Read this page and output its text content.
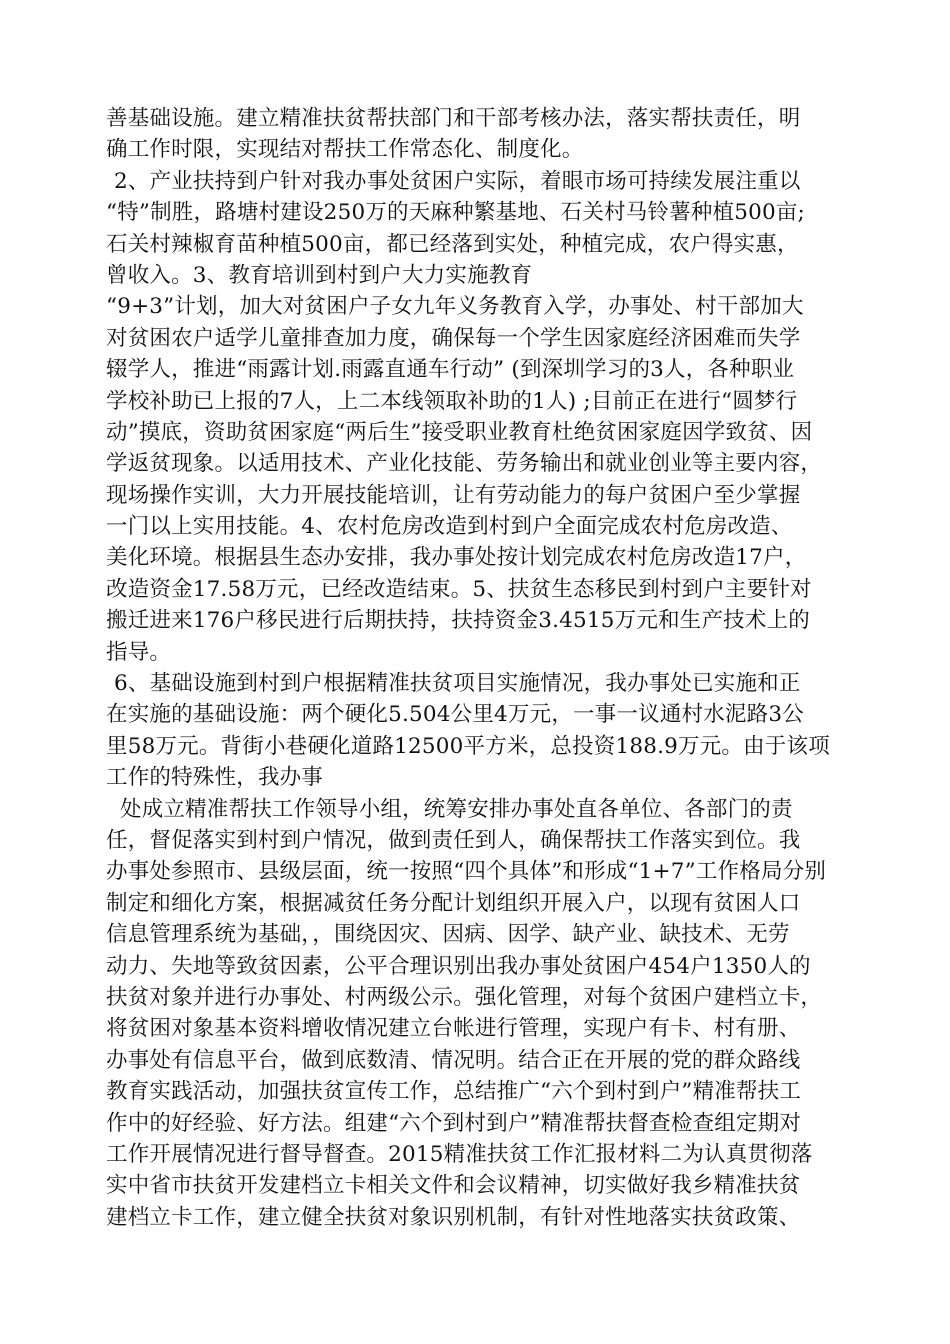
善基础设施。建立精准扶贫帮扶部门和干部考核办法，落实帮扶责任，明
确工作时限，实现结对帮扶工作常态化、制度化。
2、产业扶持到户针对我办事处贫困户实际，着眼市场可持续发展注重以
“特”制胜，路塘村建设250万的天麻种繁基地、石关村马铃薯种植500亩;
石关村辣椒育苗种植500亩，都已经落到实处，种植完成，农户得实惠，
曾收入。3、教育培训到村到户大力实施教育
“9+3”计划，加大对贫困户子女九年义务教育入学，办事处、村干部加大
对贫困农户适学儿童排查加力度，确保每一个学生因家庭经济困难而失学
辍学人，推进“雨露计划.雨露直通车行动” (到深圳学习的3人，各种职业
学校补助已上报的7人，上二本线领取补助的1人) ;目前正在进行“圆梦行
动”摸底，资助贫困家庭“两后生”接受职业教育杜绝贫困家庭因学致贫、因
学返贫现象。以适用技术、产业化技能、劳务输出和就业创业等主要内容，
现场操作实训，大力开展技能培训，让有劳动能力的每户贫困户至少掌握
一门以上实用技能。4、农村危房改造到村到户全面完成农村危房改造、
美化环境。根据县生态办安排，我办事处按计划完成农村危房改造17户，
改造资金17.58万元，已经改造结束。5、扶贫生态移民到村到户主要针对
搬迁进来176户移民进行后期扶持，扶持资金3.4515万元和生产技术上的
指导。
6、基础设施到村到户根据精准扶贫项目实施情况，我办事处已实施和正
在实施的基础设施：两个硬化5.504公里4万元，一事一议通村水泥路3公
里58万元。背街小巷硬化道路12500平方米，总投资188.9万元。由于该项
工作的特殊性，我办事
处成立精准帮扶工作领导小组，统筹安排办事处直各单位、各部门的责
任，督促落实到村到户情况，做到责任到人，确保帮扶工作落实到位。我
办事处参照市、县级层面，统一按照“四个具体”和形成“1+7”工作格局分别
制定和细化方案，根据减贫任务分配计划组织开展入户，以现有贫困人口
信息管理系统为基础，，围绕因灾、因病、因学、缺产业、缺技术、无劳
动力、失地等致贫因素，公平合理识别出我办事处贫困户454户1350人的
扶贫对象并进行办事处、村两级公示。强化管理，对每个贫困户建档立卡，
将贫困对象基本资料增收情况建立台帐进行管理，实现户有卡、村有册、
办事处有信息平台，做到底数清、情况明。结合正在开展的党的群众路线
教育实践活动，加强扶贫宣传工作，总结推广“六个到村到户”精准帮扶工
作中的好经验、好方法。组建“六个到村到户”精准帮扶督查检查组定期对
工作开展情况进行督导督查。2015精准扶贫工作汇报材料二为认真贯彻落
实中省市扶贫开发建档立卡相关文件和会议精神，切实做好我乡精准扶贫
建档立卡工作，建立健全扶贫对象识别机制，有针对性地落实扶贫政策、
